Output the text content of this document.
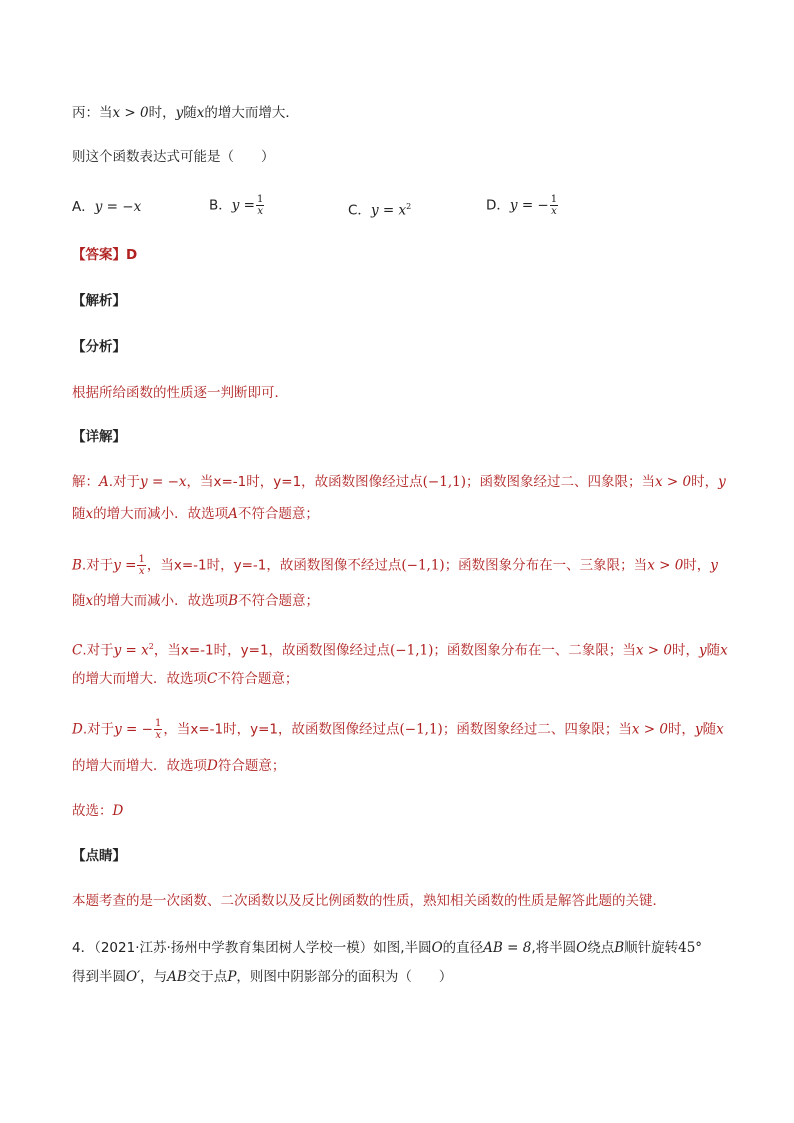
丙：当x > 0时，y随x的增大而增大．
则这个函数表达式可能是（　　）
A．y = −x	B．$y = \frac{1}{x}$	C．$y = x^2$	D．y = − $\frac{1}{x}$
【答案】D
【解析】
【分析】
根据所给函数的性质逐一判断即可．
【详解】
解：A.对于y = −x，当x=-1时，y=1，故函数图像经过点(−1,1)；函数图象经过二、四象限；当x > 0时，y
随x的增大而减小．故选项A不符合题意；
B.对于$y = \frac{1}{x}$ ，当x=-1时，y=-1，故函数图像不经过点(−1,1)；函数图象分布在一、三象限；当x > 0时，y
随x的增大而减小．故选项B不符合题意；
C.对于$y = x^2$，当x=-1时，y=1，故函数图像经过点(−1,1)；函数图象分布在一、二象限；当x > 0时，y随x
的增大而增大．故选项C不符合题意；
D.对于y = − $\frac{1}{x}$ ，当x=-1时，y=1，故函数图像经过点(−1,1)；函数图象经过二、四象限；当x > 0时，y随x
的增大而增大．故选项D符合题意；
故选：D
【点睛】
本题考查的是一次函数、二次函数以及反比例函数的性质，熟知相关函数的性质是解答此题的关键．
4．（2021·江苏·扬州中学教育集团树人学校一模）如图,半圆O的直径AB = 8,将半圆O绕点B顺针旋转45°
得到半圆O′，与AB交于点P，则图中阴影部分的面积为（　　）
